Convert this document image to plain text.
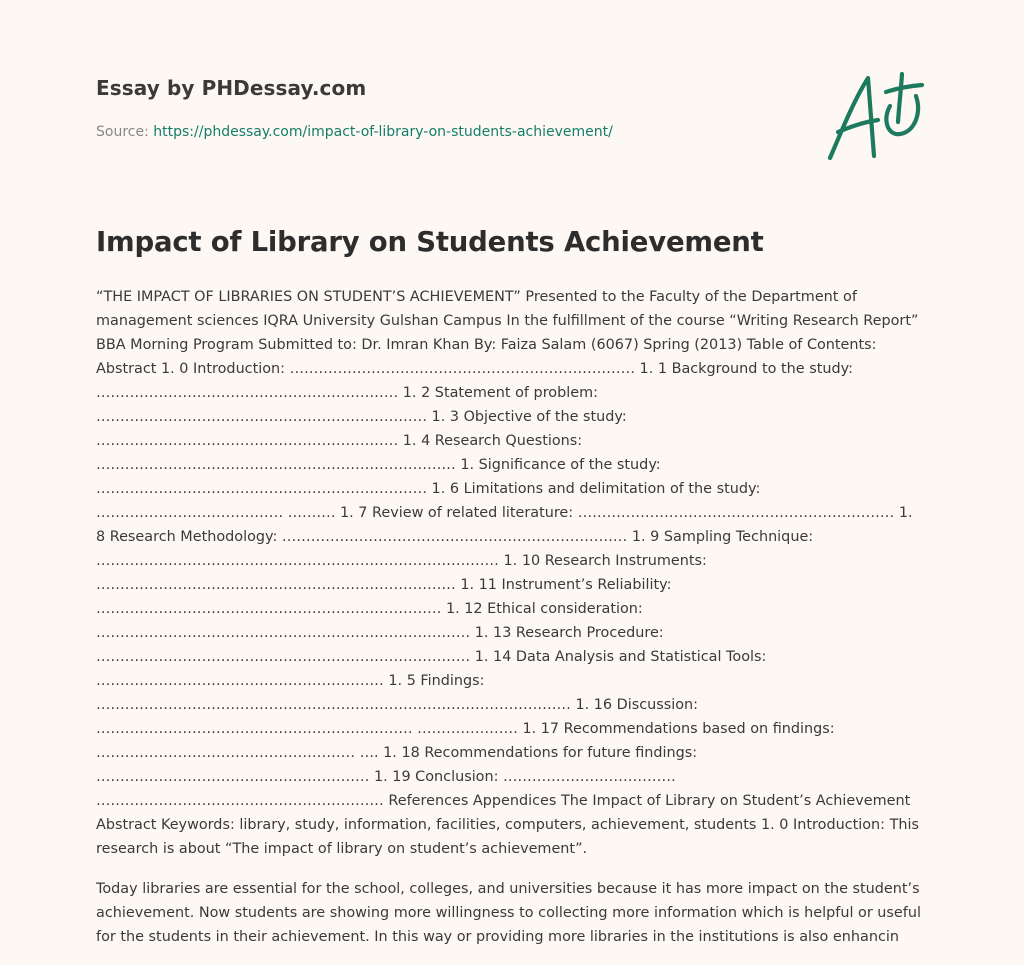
Essay by PHDessay.com
Source: https://phdessay.com/impact-of-library-on-students-achievement/
Impact of Library on Students Achievement

“THE IMPACT OF LIBRARIES ON STUDENT’S ACHIEVEMENT” Presented to the Faculty of the Department of management sciences IQRA University Gulshan Campus In the fulfillment of the course “Writing Research Report” BBA Morning Program Submitted to: Dr. Imran Khan By: Faiza Salam (6067) Spring (2013) Table of Contents: Abstract 1. 0 Introduction: ……………………………………………………………… 1. 1 Background to the study: ……………………………………………………… 1. 2 Statement of problem: …………………………………………………………… 1. 3 Objective of the study: ……………………………………………………… 1. 4 Research Questions: ………………………………………………………………… 1. Significance of the study: …………………………………………………………… 1. 6 Limitations and delimitation of the study: ………………………………… ………. 1. 7 Review of related literature: ………………………………………………………… 1. 8 Research Methodology: ……………………………………………………………… 1. 9 Sampling Technique: ………………………………………………………………………… 1. 10 Research Instruments: ………………………………………………………………… 1. 11 Instrument’s Reliability: ……………………………………………………………… 1. 12 Ethical consideration: …………………………………………………………………… 1. 13 Research Procedure: …………………………………………………………………… 1. 14 Data Analysis and Statistical Tools: …………………………………………………… 1. 5 Findings: ……………………………………………………………………………………… 1. 16 Discussion: ………………………………………………………… ………………… 1. 17 Recommendations based on findings: ……………………………………………… …. 1. 18 Recommendations for future findings: ………………………………………………… 1. 19 Conclusion: ……………………………… …………………………………………………… References Appendices The Impact of Library on Student’s Achievement Abstract Keywords: library, study, information, facilities, computers, achievement, students 1. 0 Introduction: This research is about “The impact of library on student’s achievement”.

Today libraries are essential for the school, colleges, and universities because it has more impact on the student’s achievement. Now students are showing more willingness to collecting more information which is helpful or useful for the students in their achievement. In this way or providing more libraries in the institutions is also enhancin
